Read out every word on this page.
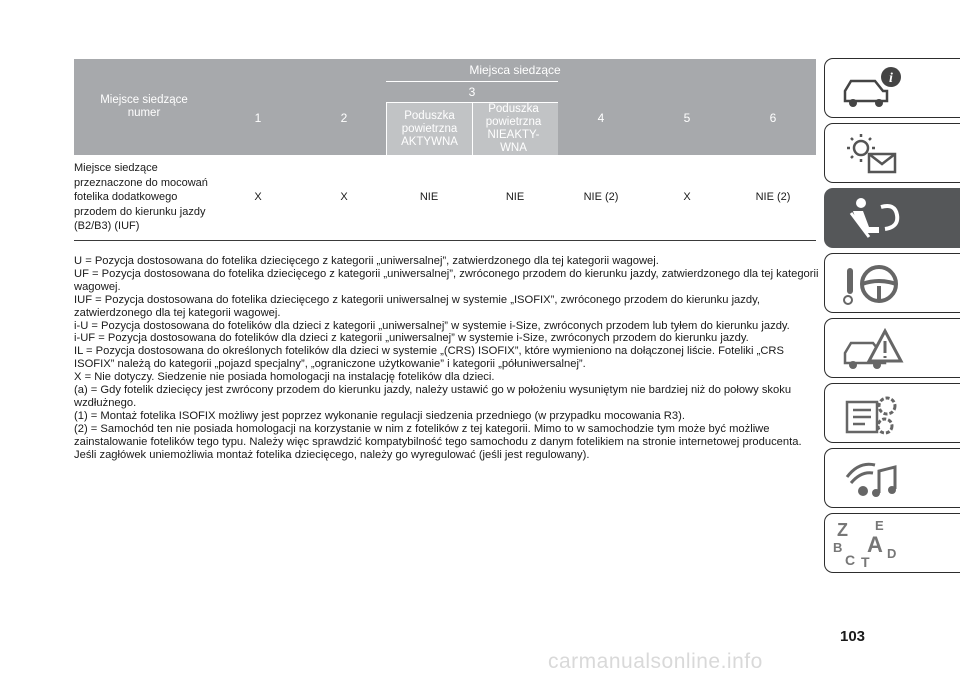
Miejsce siedzące numer	Miejsca siedzące						
	1	2	3		4	5	6
			Poduszka powietrzna AKTYWNA	Poduszka powietrzna NIEAKTY-WNA			
Miejsce siedzące przeznaczone do mocowań fotelika dodatkowego przodem do kierunku jazdy (B2/B3) (IUF)	X	X	NIE	NIE	NIE (2)	X	NIE (2)

U = Pozycja dostosowana do fotelika dziecięcego z kategorii „uniwersalnej”, zatwierdzonego dla tej kategorii wagowej.

UF = Pozycja dostosowana do fotelika dziecięcego z kategorii „uniwersalnej”, zwróconego przodem do kierunku jazdy, zatwierdzonego dla tej kategorii wagowej.

IUF = Pozycja dostosowana do fotelika dziecięcego z kategorii uniwersalnej w systemie „ISOFIX”, zwróconego przodem do kierunku jazdy, zatwierdzonego dla tej kategorii wagowej.

i-U = Pozycja dostosowana do fotelików dla dzieci z kategorii „uniwersalnej” w systemie i-Size, zwróconych przodem lub tyłem do kierunku jazdy.

i-UF = Pozycja dostosowana do fotelików dla dzieci z kategorii „uniwersalnej” w systemie i-Size, zwróconych przodem do kierunku jazdy.

IL = Pozycja dostosowana do określonych fotelików dla dzieci w systemie „(CRS) ISOFIX”, które wymieniono na dołączonej liście. Foteliki „CRS ISOFIX” należą do kategorii „pojazd specjalny”, „ograniczone użytkowanie” i kategorii „półuniwersalnej”.

X = Nie dotyczy. Siedzenie nie posiada homologacji na instalację fotelików dla dzieci.

(a) = Gdy fotelik dziecięcy jest zwrócony przodem do kierunku jazdy, należy ustawić go w położeniu wysuniętym nie bardziej niż do połowy skoku wzdłużnego.

(1) = Montaż fotelika ISOFIX możliwy jest poprzez wykonanie regulacji siedzenia przedniego (w przypadku mocowania R3).

(2) = Samochód ten nie posiada homologacji na korzystanie w nim z fotelików z tej kategorii. Mimo to w samochodzie tym może być możliwe zainstalowanie fotelików tego typu. Należy więc sprawdzić kompatybilność tego samochodu z danym fotelikiem na stronie internetowej producenta.

Jeśli zagłówek uniemożliwia montaż fotelika dziecięcego, należy go wyregulować (jeśli jest regulowany).

i
Z E
A
B
C D
T
103
carmanualsonline.info
